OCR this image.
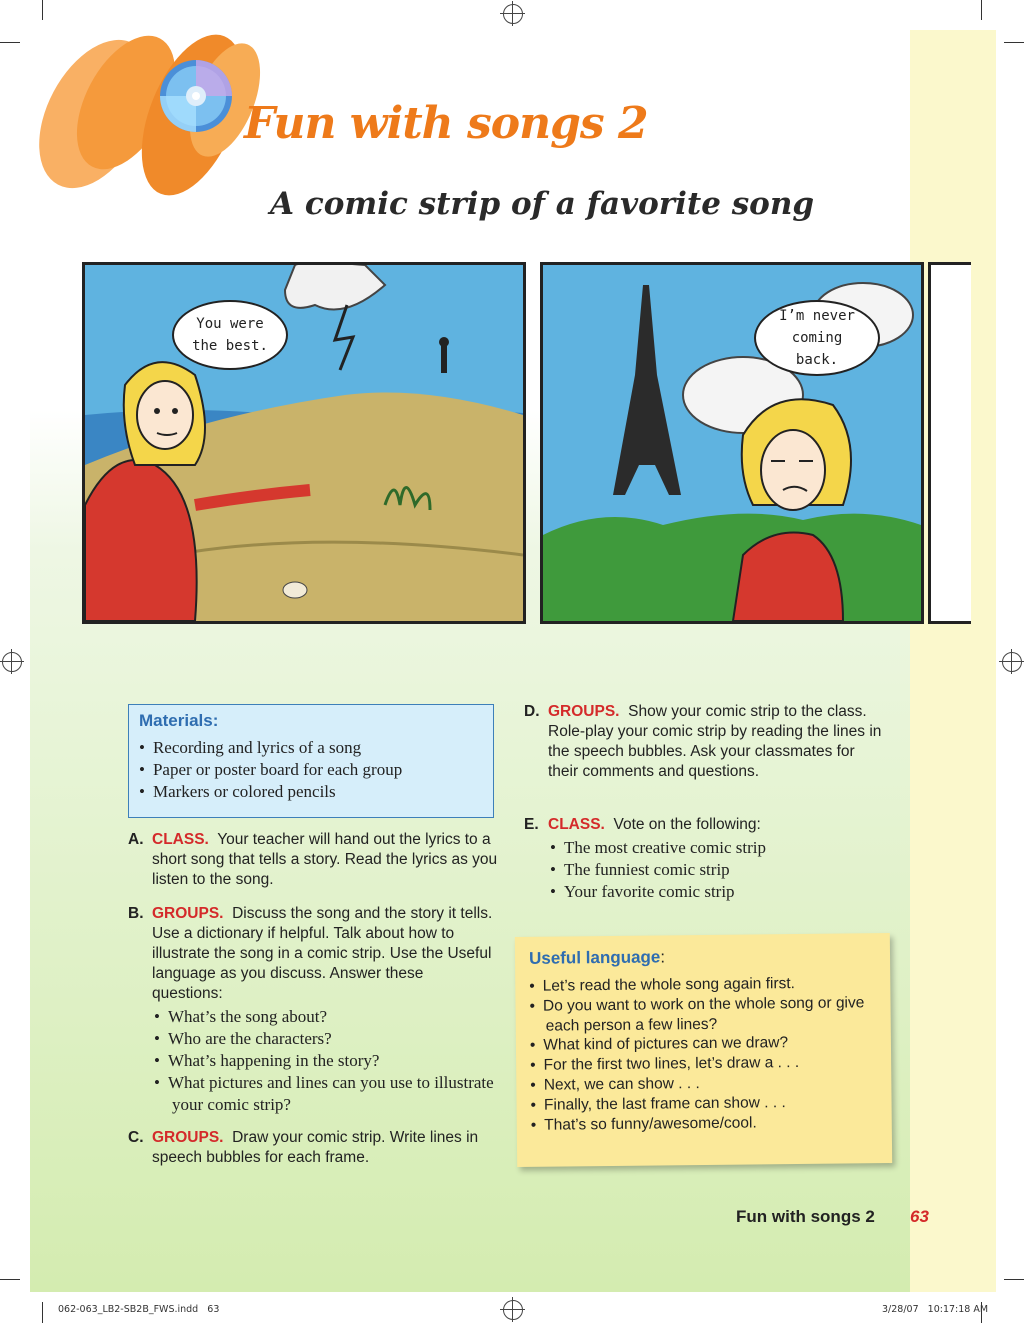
Fun with songs 2
A comic strip of a favorite song
You were the best.
I’m never coming back.
Materials:
• Recording and lyrics of a song
• Paper or poster board for each group
• Markers or colored pencils
A. CLASS. Your teacher will hand out the lyrics to a short song that tells a story. Read the lyrics as you listen to the song.
B. GROUPS. Discuss the song and the story it tells. Use a dictionary if helpful. Talk about how to illustrate the song in a comic strip. Use the Useful language as you discuss. Answer these questions:
• What’s the song about?
• Who are the characters?
• What’s happening in the story?
• What pictures and lines can you use to illustrate your comic strip?
C. GROUPS. Draw your comic strip. Write lines in speech bubbles for each frame.
D. GROUPS. Show your comic strip to the class. Role-play your comic strip by reading the lines in the speech bubbles. Ask your classmates for their comments and questions.
E. CLASS. Vote on the following:
• The most creative comic strip
• The funniest comic strip
• Your favorite comic strip
Useful language:
• Let’s read the whole song again first.
• Do you want to work on the whole song or give each person a few lines?
• What kind of pictures can we draw?
• For the first two lines, let’s draw a . . .
• Next, we can show . . .
• Finally, the last frame can show . . .
• That’s so funny/awesome/cool.
Fun with songs 2 63
062-063_LB2-SB2B_FWS.indd   63	3/28/07   10:17:18 AM
